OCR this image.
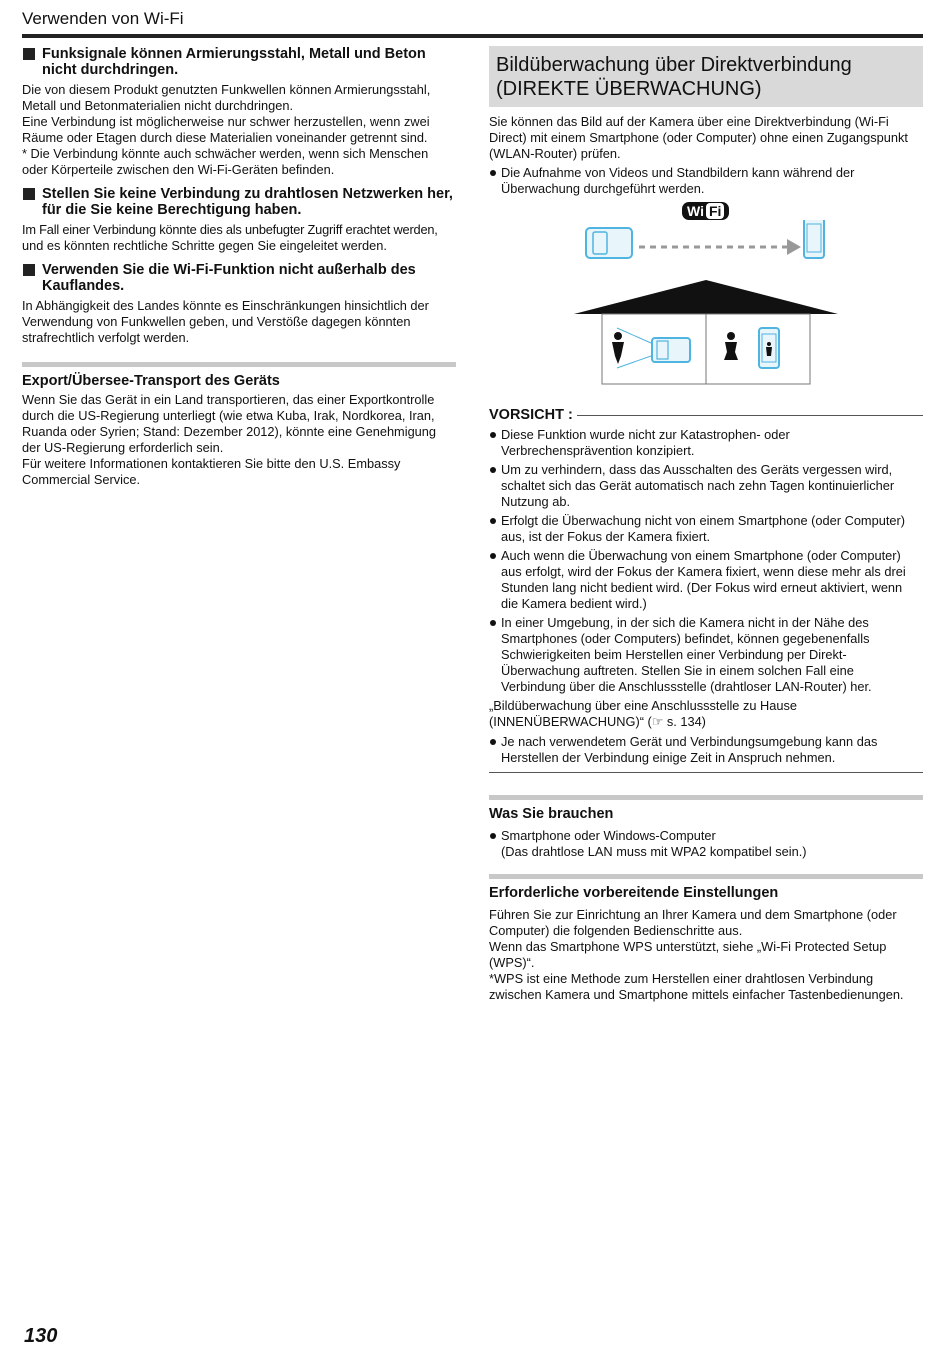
Verwenden von Wi-Fi
Funksignale können Armierungsstahl, Metall und Beton nicht durchdringen.

Die von diesem Produkt genutzten Funkwellen können Armierungsstahl,

Metall und Betonmaterialien nicht durchdringen.

Eine Verbindung ist möglicherweise nur schwer herzustellen, wenn zwei

Räume oder Etagen durch diese Materialien voneinander getrennt sind.

* Die Verbindung könnte auch schwächer werden, wenn sich Menschen

oder Körperteile zwischen den Wi-Fi-Geräten befinden.

Stellen Sie keine Verbindung zu drahtlosen Netzwerken her, für die Sie keine Berechtigung haben.

Im Fall einer Verbindung könnte dies als unbefugter Zugriff erachtet werden,

und es könnten rechtliche Schritte gegen Sie eingeleitet werden.

Verwenden Sie die Wi-Fi-Funktion nicht außerhalb des Kauflandes.

In Abhängigkeit des Landes könnte es Einschränkungen hinsichtlich der

Verwendung von Funkwellen geben, und Verstöße dagegen könnten

strafrechtlich verfolgt werden.

Export/Übersee-Transport des Geräts

Wenn Sie das Gerät in ein Land transportieren, das einer Exportkontrolle

durch die US-Regierung unterliegt (wie etwa Kuba, Irak, Nordkorea, Iran,

Ruanda oder Syrien; Stand: Dezember 2012), könnte eine Genehmigung

der US-Regierung erforderlich sein.

Für weitere Informationen kontaktieren Sie bitte den U.S. Embassy

Commercial Service.

Bildüberwachung über Direktverbindung
(DIREKTE ÜBERWACHUNG)

Sie können das Bild auf der Kamera über eine Direktverbindung (Wi-Fi

Direct) mit einem Smartphone (oder Computer) ohne einen Zugangspunkt

(WLAN-Router) prüfen.

Die Aufnahme von Videos und Standbildern kann während der
Überwachung durchgeführt werden.
Wi Fi
VORSICHT :
Diese Funktion wurde nicht zur Katastrophen- oder
Verbrechensprävention konzipiert.
Um zu verhindern, dass das Ausschalten des Geräts vergessen wird,
schaltet sich das Gerät automatisch nach zehn Tagen kontinuierlicher
Nutzung ab.
Erfolgt die Überwachung nicht von einem Smartphone (oder Computer)
aus, ist der Fokus der Kamera fixiert.
Auch wenn die Überwachung von einem Smartphone (oder Computer)
aus erfolgt, wird der Fokus der Kamera fixiert, wenn diese mehr als drei
Stunden lang nicht bedient wird. (Der Fokus wird erneut aktiviert, wenn
die Kamera bedient wird.)
In einer Umgebung, in der sich die Kamera nicht in der Nähe des
Smartphones (oder Computers) befindet, können gegebenenfalls
Schwierigkeiten beim Herstellen einer Verbindung per Direkt-
Überwachung auftreten. Stellen Sie in einem solchen Fall eine
Verbindung über die Anschlussstelle (drahtloser LAN-Router) her.

„Bildüberwachung über eine Anschlussstelle zu Hause

(INNENÜBERWACHUNG)“ (☞ s. 134)

Je nach verwendetem Gerät und Verbindungsumgebung kann das
Herstellen der Verbindung einige Zeit in Anspruch nehmen.
Was Sie brauchen
Smartphone oder Windows-Computer
(Das drahtlose LAN muss mit WPA2 kompatibel sein.)
Erforderliche vorbereitende Einstellungen

Führen Sie zur Einrichtung an Ihrer Kamera und dem Smartphone (oder

Computer) die folgenden Bedienschritte aus.

Wenn das Smartphone WPS unterstützt, siehe „Wi-Fi Protected Setup

(WPS)“.

*WPS ist eine Methode zum Herstellen einer drahtlosen Verbindung

zwischen Kamera und Smartphone mittels einfacher Tastenbedienungen.

130
